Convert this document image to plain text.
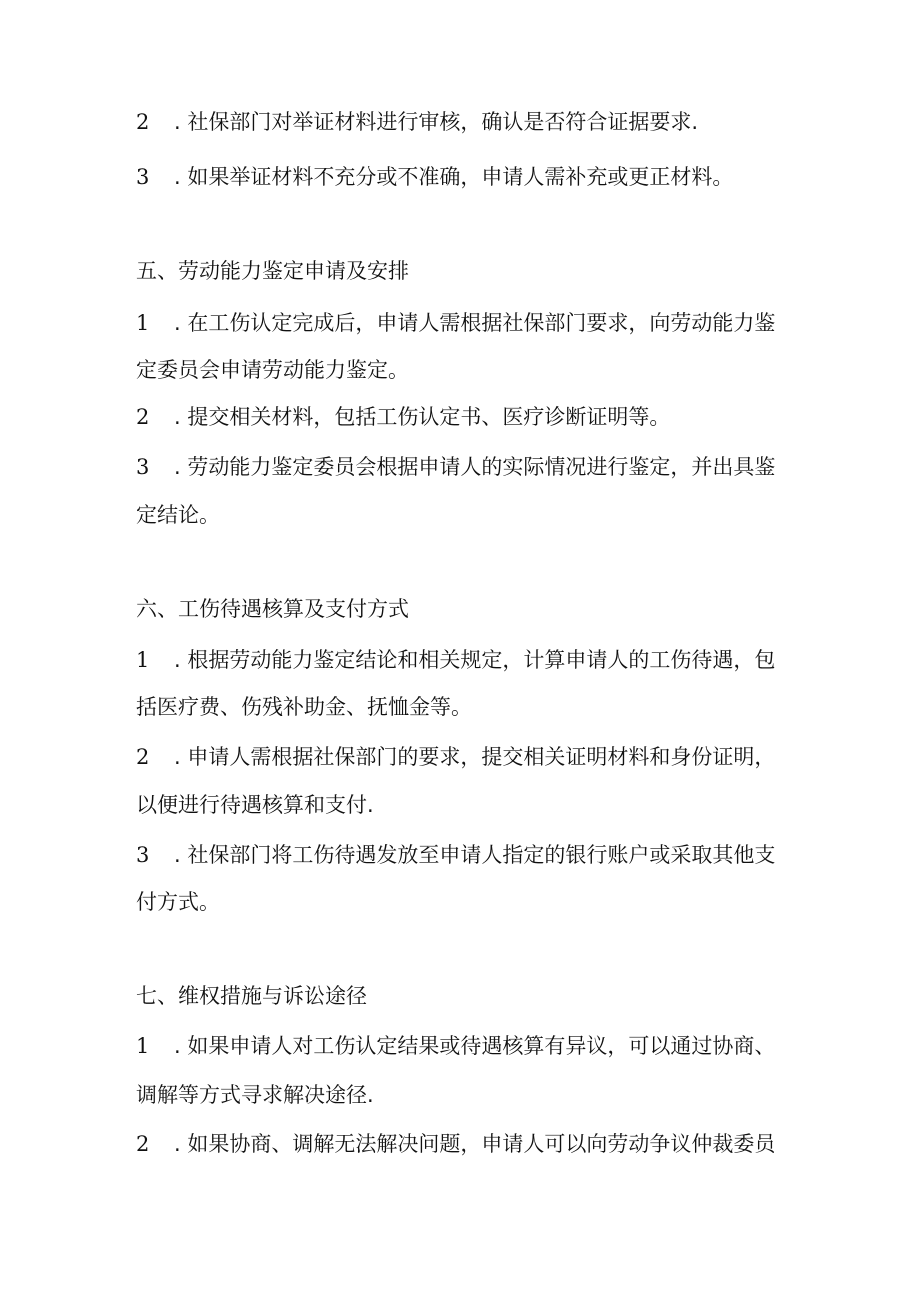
2 . 社保部门对举证材料进行审核，确认是否符合证据要求.
3 . 如果举证材料不充分或不准确，申请人需补充或更正材料。
五、劳动能力鉴定申请及安排
1 . 在工伤认定完成后，申请人需根据社保部门要求，向劳动能力鉴
定委员会申请劳动能力鉴定。
2 . 提交相关材料，包括工伤认定书、医疗诊断证明等。
3 . 劳动能力鉴定委员会根据申请人的实际情况进行鉴定，并出具鉴
定结论。
六、工伤待遇核算及支付方式
1 . 根据劳动能力鉴定结论和相关规定，计算申请人的工伤待遇，包
括医疗费、伤残补助金、抚恤金等。
2 . 申请人需根据社保部门的要求，提交相关证明材料和身份证明，
以便进行待遇核算和支付.
3 . 社保部门将工伤待遇发放至申请人指定的银行账户或采取其他支
付方式。
七、维权措施与诉讼途径
1 . 如果申请人对工伤认定结果或待遇核算有异议，可以通过协商、
调解等方式寻求解决途径.
2 . 如果协商、调解无法解决问题，申请人可以向劳动争议仲裁委员
